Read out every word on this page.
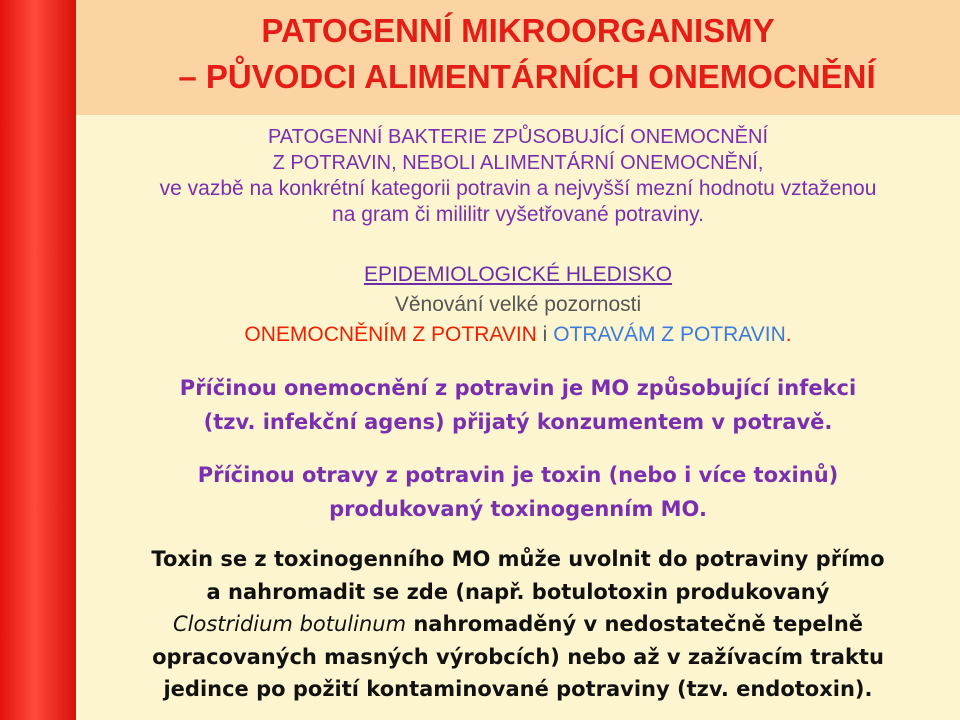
PATOGENNÍ MIKROORGANISMY
– PŮVODCI ALIMENTÁRNÍCH ONEMOCNĚNÍ
PATOGENNÍ BAKTERIE ZPŮSOBUJÍCÍ ONEMOCNĚNÍ
Z POTRAVIN, NEBOLI ALIMENTÁRNÍ ONEMOCNĚNÍ,
ve vazbě na konkrétní kategorii potravin a nejvyšší mezní hodnotu vztaženou
na gram či mililitr vyšetřované potraviny.
EPIDEMIOLOGICKÉ HLEDISKO
Věnování velké pozornosti
ONEMOCNĚNÍM Z POTRAVIN i OTRAVÁM Z POTRAVIN.
Příčinou onemocnění z potravin je MO způsobující infekci
(tzv. infekční agens) přijatý konzumentem v potravě.
Příčinou otravy z potravin je toxin (nebo i více toxinů)
produkovaný toxinogenním MO.
Toxin se z toxinogenního MO může uvolnit do potraviny přímo
a nahromadit se zde (např. botulotoxin produkovaný
Clostridium botulinum nahromaděný v nedostatečně tepelně
opracovaných masných výrobcích) nebo až v zažívacím traktu
jedince po požití kontaminované potraviny (tzv. endotoxin).
